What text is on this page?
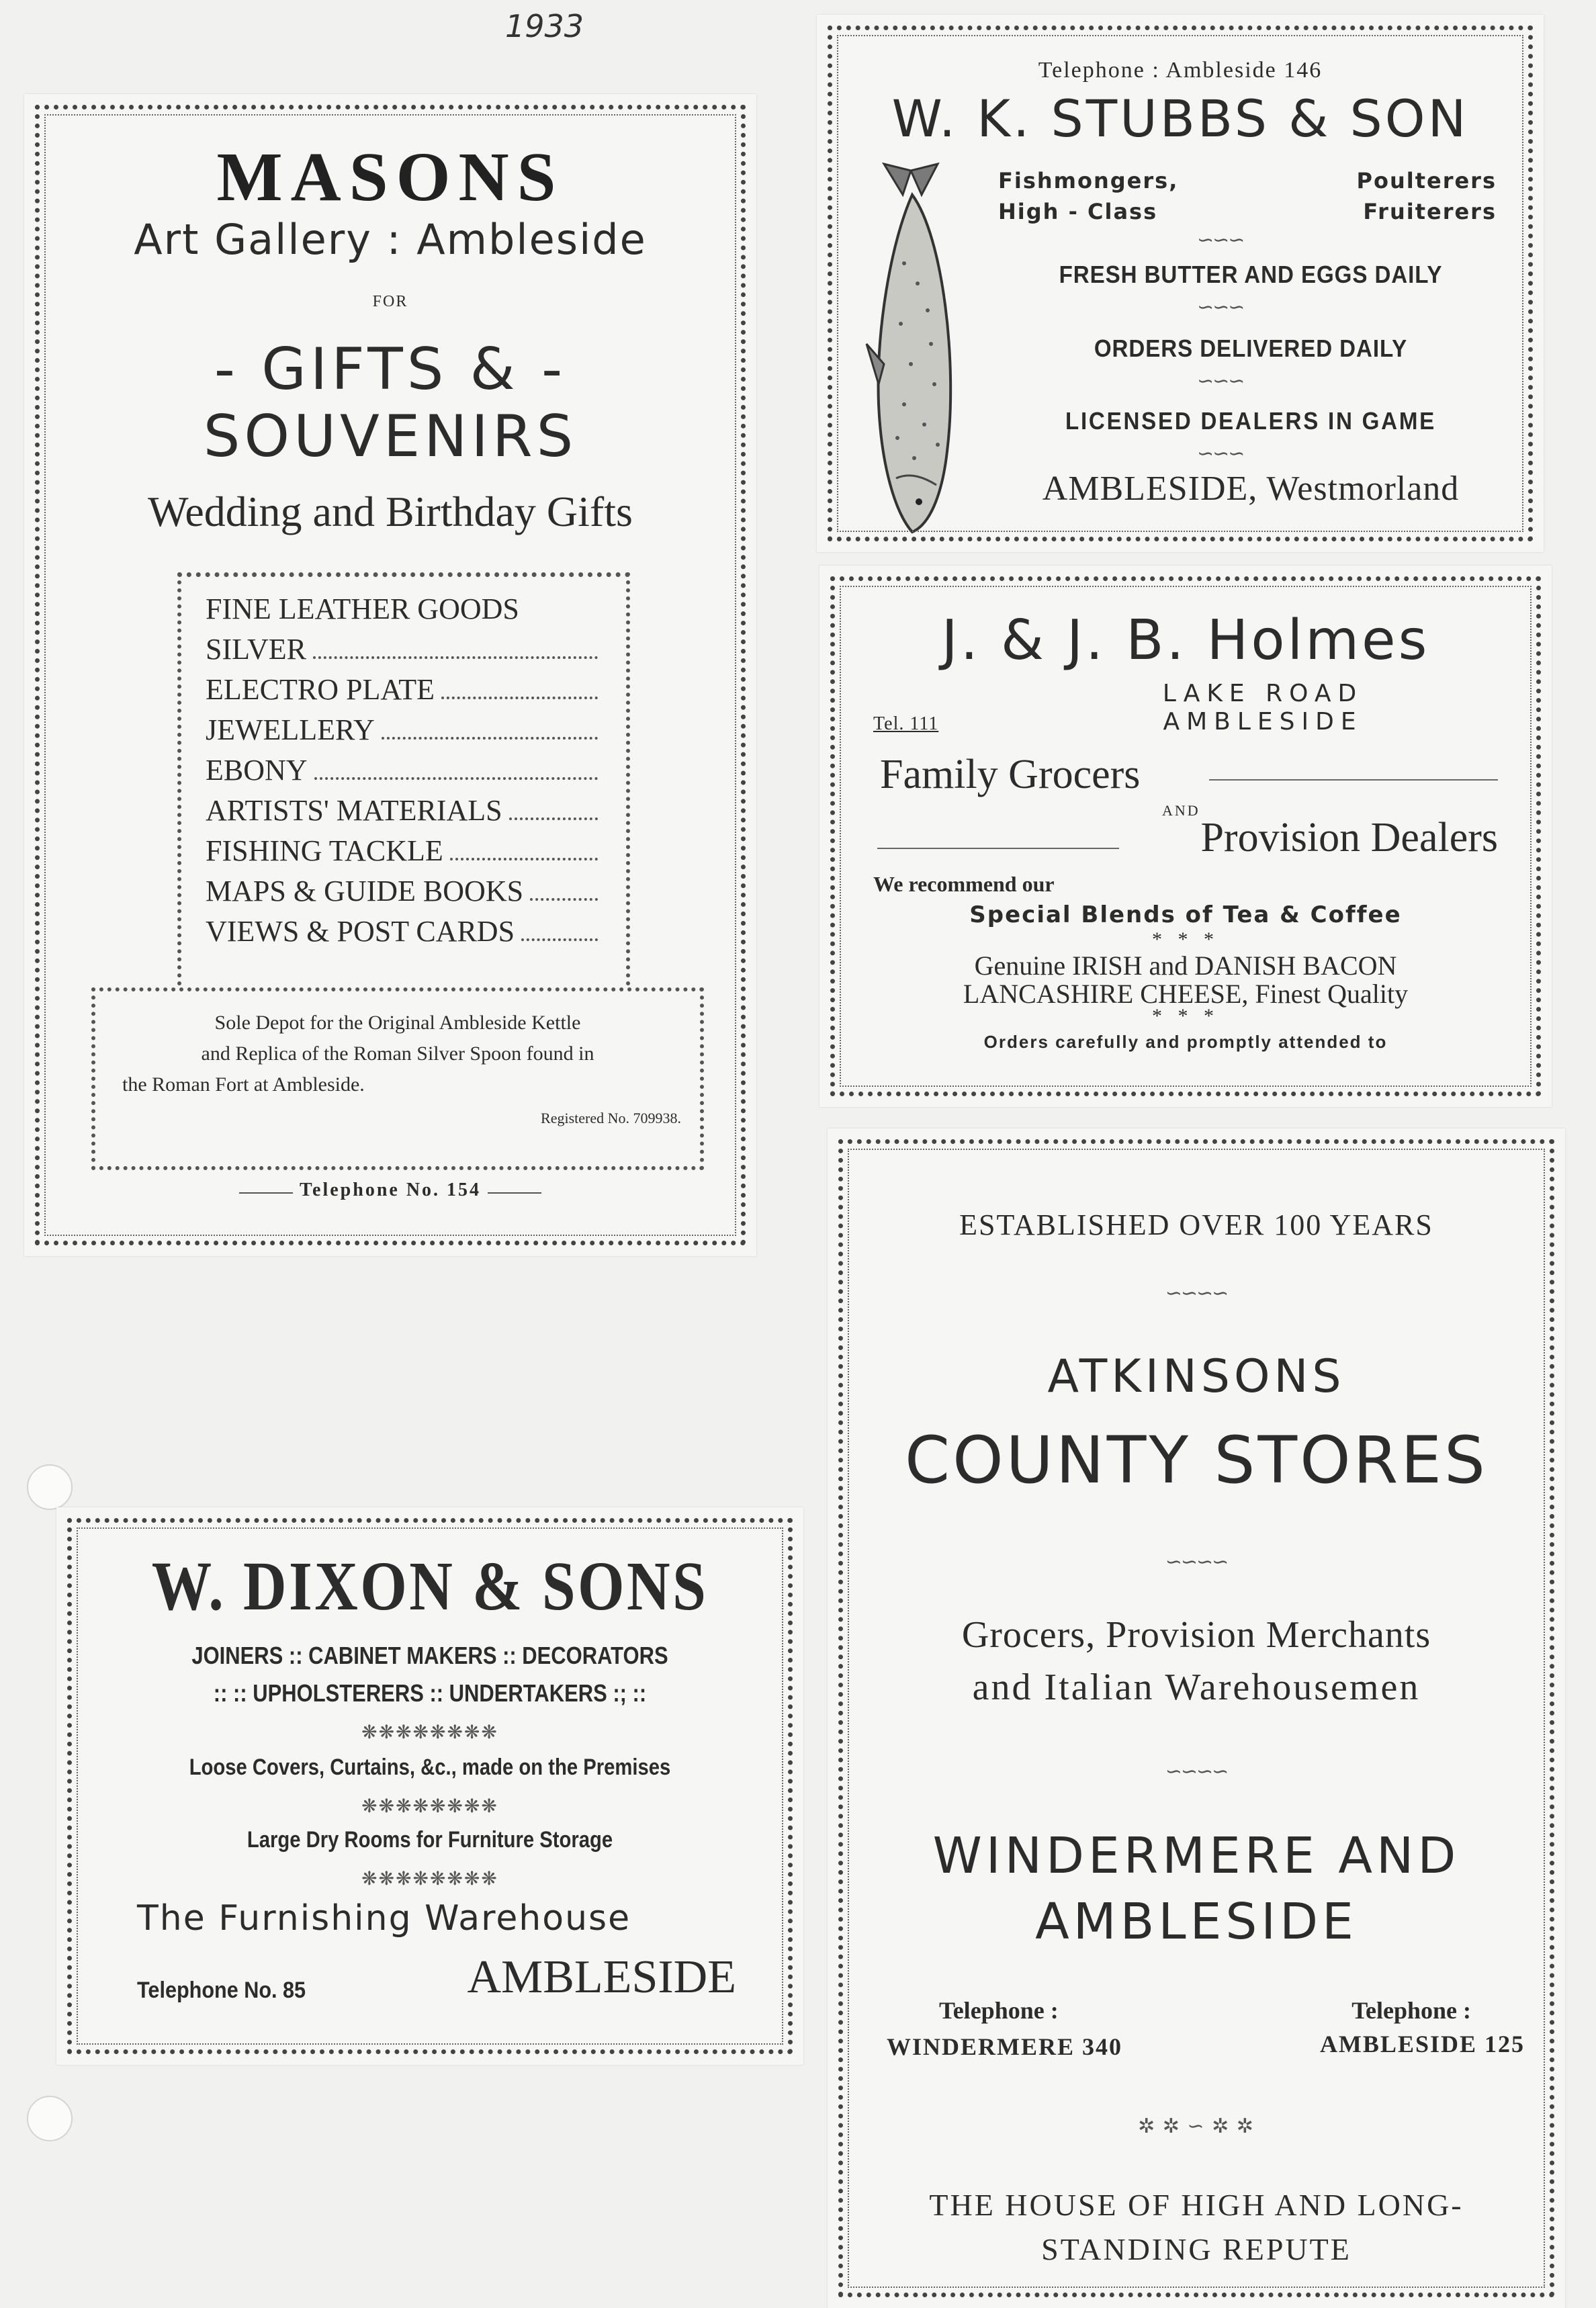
1933
MASONS
Art Gallery : Ambleside
FOR
- GIFTS & -
SOUVENIRS
Wedding and Birthday Gifts
FINE LEATHER GOODS
SILVER
ELECTRO PLATE
JEWELLERY
EBONY
ARTISTS' MATERIALS
FISHING TACKLE
MAPS & GUIDE BOOKS
VIEWS & POST CARDS
Sole Depot for the Original Ambleside Kettle
and Replica of the Roman Silver Spoon found in
the Roman Fort at Ambleside.
Registered No. 709938.
Telephone No. 154
Telephone : Ambleside 146
W. K. STUBBS & SON
Fishmongers,	Poulterers
High - Class	Fruiterers
∽∽∽
FRESH BUTTER AND EGGS DAILY
∽∽∽
ORDERS DELIVERED DAILY
∽∽∽
LICENSED DEALERS IN GAME
∽∽∽
AMBLESIDE, Westmorland
J. & J. B. Holmes
LAKE ROAD
AMBLESIDE
Tel. 111
Family Grocers
AND
Provision Dealers
We recommend our
Special Blends of Tea & Coffee
* * *
Genuine IRISH and DANISH BACON
LANCASHIRE CHEESE, Finest Quality
* * *
Orders carefully and promptly attended to
W. DIXON & SONS
JOINERS :: CABINET MAKERS :: DECORATORS
:: :: UPHOLSTERERS :: UNDERTAKERS :; ::
❋❋❋❋❋❋❋❋
Loose Covers, Curtains, &c., made on the Premises
❋❋❋❋❋❋❋❋
Large Dry Rooms for Furniture Storage
❋❋❋❋❋❋❋❋
The Furnishing Warehouse
Telephone No. 85	AMBLESIDE
ESTABLISHED OVER 100 YEARS
∽∽∽∽
ATKINSONS
COUNTY STORES
∽∽∽∽
Grocers, Provision Merchants
and Italian Warehousemen
∽∽∽∽
WINDERMERE AND
AMBLESIDE
Telephone :
WINDERMERE 340
Telephone :
AMBLESIDE 125
✲ ✲ ∽ ✲ ✲
THE HOUSE OF HIGH AND LONG-
STANDING REPUTE
